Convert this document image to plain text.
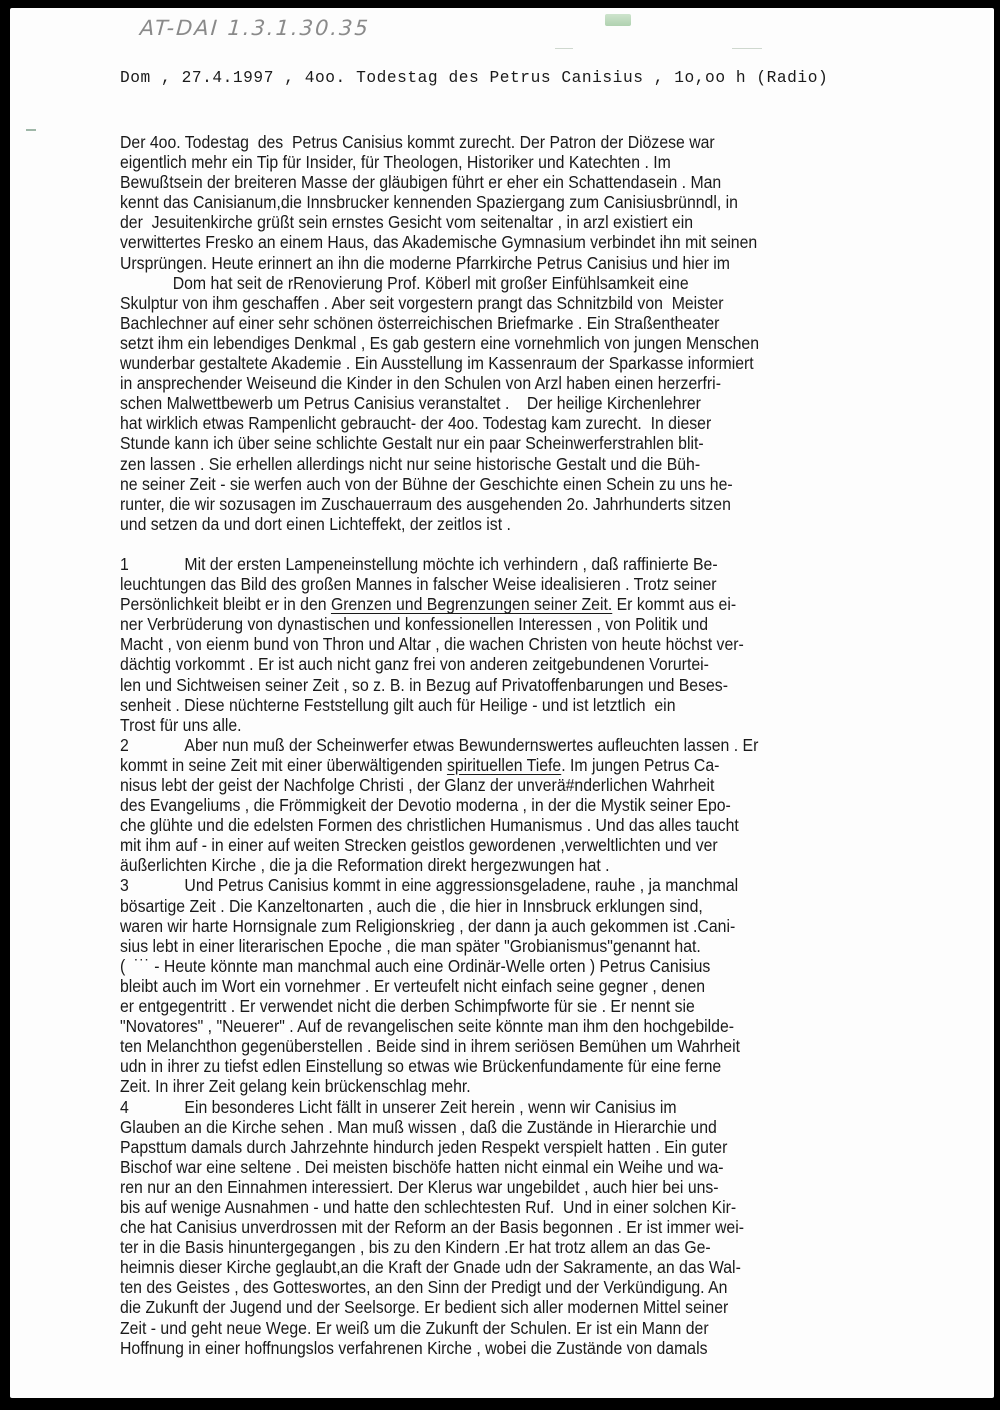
AT-DAI 1.3.1.30.35
Dom , 27.4.1997 , 4oo. Todestag des Petrus Canisius , 1o,oo h (Radio)
Der 4oo. Todestag  des  Petrus Canisius kommt zurecht. Der Patron der Diözese war
eigentlich mehr ein Tip für Insider, für Theologen, Historiker und Katechten . Im
Bewußtsein der breiteren Masse der gläubigen führt er eher ein Schattendasein . Man
kennt das Canisianum,die Innsbrucker kennenden Spaziergang zum Canisiusbrünndl, in
der  Jesuitenkirche grüßt sein ernstes Gesicht vom seitenaltar , in arzl existiert ein
verwittertes Fresko an einem Haus, das Akademische Gymnasium verbindet ihn mit seinen
Ursprüngen. Heute erinnert an ihn die moderne Pfarrkirche Petrus Canisius und hier im
Dom hat seit de rRenovierung Prof. Köberl mit großer Einfühlsamkeit eine
Skulptur von ihm geschaffen . Aber seit vorgestern prangt das Schnitzbild von  Meister
Bachlechner auf einer sehr schönen österreichischen Briefmarke . Ein Straßentheater
setzt ihm ein lebendiges Denkmal , Es gab gestern eine vornehmlich von jungen Menschen
wunderbar gestaltete Akademie . Ein Ausstellung im Kassenraum der Sparkasse informiert
in ansprechender Weiseund die Kinder in den Schulen von Arzl haben einen herzerfri-
schen Malwettbewerb um Petrus Canisius veranstaltet .    Der heilige Kirchenlehrer
hat wirklich etwas Rampenlicht gebraucht- der 4oo. Todestag kam zurecht.  In dieser
Stunde kann ich über seine schlichte Gestalt nur ein paar Scheinwerferstrahlen blit-
zen lassen . Sie erhellen allerdings nicht nur seine historische Gestalt und die Büh-
ne seiner Zeit - sie werfen auch von der Bühne der Geschichte einen Schein zu uns he-
runter, die wir sozusagen im Zuschauerraum des ausgehenden 2o. Jahrhunderts sitzen
und setzen da und dort einen Lichteffekt, der zeitlos ist .
1	Mit der ersten Lampeneinstellung möchte ich verhindern , daß raffinierte Be-
leuchtungen das Bild des großen Mannes in falscher Weise idealisieren . Trotz seiner
Persönlichkeit bleibt er in den Grenzen und Begrenzungen seiner Zeit. Er kommt aus ei-
ner Verbrüderung von dynastischen und konfessionellen Interessen , von Politik und
Macht , von eienm bund von Thron und Altar , die wachen Christen von heute höchst ver-
dächtig vorkommt . Er ist auch nicht ganz frei von anderen zeitgebundenen Vorurtei-
len und Sichtweisen seiner Zeit , so z. B. in Bezug auf Privatoffenbarungen und Beses-
senheit . Diese nüchterne Feststellung gilt auch für Heilige - und ist letztlich  ein
Trost für uns alle.
2	Aber nun muß der Scheinwerfer etwas Bewundernswertes aufleuchten lassen . Er
kommt in seine Zeit mit einer überwältigenden spirituellen Tiefe. Im jungen Petrus Ca-
nisus lebt der geist der Nachfolge Christi , der Glanz der unverä#nderlichen Wahrheit
des Evangeliums , die Frömmigkeit der Devotio moderna , in der die Mystik seiner Epo-
che glühte und die edelsten Formen des christlichen Humanismus . Und das alles taucht
mit ihm auf - in einer auf weiten Strecken geistlos gewordenen ,verweltlichten und ver
äußerlichten Kirche , die ja die Reformation direkt hergezwungen hat .
3	Und Petrus Canisius kommt in eine aggressionsgeladene, rauhe , ja manchmal
bösartige Zeit . Die Kanzeltonarten , auch die , die hier in Innsbruck erklungen sind,
waren wir harte Hornsignale zum Religionskrieg , der dann ja auch gekommen ist .Cani-
sius lebt in einer literarischen Epoche , die man später "Grobianismus"genannt hat.
(  ˙˙˙ - Heute könnte man manchmal auch eine Ordinär-Welle orten ) Petrus Canisius
bleibt auch im Wort ein vornehmer . Er verteufelt nicht einfach seine gegner , denen
er entgegentritt . Er verwendet nicht die derben Schimpfworte für sie . Er nennt sie
"Novatores" , "Neuerer" . Auf de revangelischen seite könnte man ihm den hochgebilde-
ten Melanchthon gegenüberstellen . Beide sind in ihrem seriösen Bemühen um Wahrheit
udn in ihrer zu tiefst edlen Einstellung so etwas wie Brückenfundamente für eine ferne
Zeit. In ihrer Zeit gelang kein brückenschlag mehr.
4	Ein besonderes Licht fällt in unserer Zeit herein , wenn wir Canisius im
Glauben an die Kirche sehen . Man muß wissen , daß die Zustände in Hierarchie und
Papsttum damals durch Jahrzehnte hindurch jeden Respekt verspielt hatten . Ein guter
Bischof war eine seltene . Dei meisten bischöfe hatten nicht einmal ein Weihe und wa-
ren nur an den Einnahmen interessiert. Der Klerus war ungebildet , auch hier bei uns-
bis auf wenige Ausnahmen - und hatte den schlechtesten Ruf.  Und in einer solchen Kir-
che hat Canisius unverdrossen mit der Reform an der Basis begonnen . Er ist immer wei-
ter in die Basis hinuntergegangen , bis zu den Kindern .Er hat trotz allem an das Ge-
heimnis dieser Kirche geglaubt,an die Kraft der Gnade udn der Sakramente, an das Wal-
ten des Geistes , des Gotteswortes, an den Sinn der Predigt und der Verkündigung. An
die Zukunft der Jugend und der Seelsorge. Er bedient sich aller modernen Mittel seiner
Zeit - und geht neue Wege. Er weiß um die Zukunft der Schulen. Er ist ein Mann der
Hoffnung in einer hoffnungslos verfahrenen Kirche , wobei die Zustände von damals
